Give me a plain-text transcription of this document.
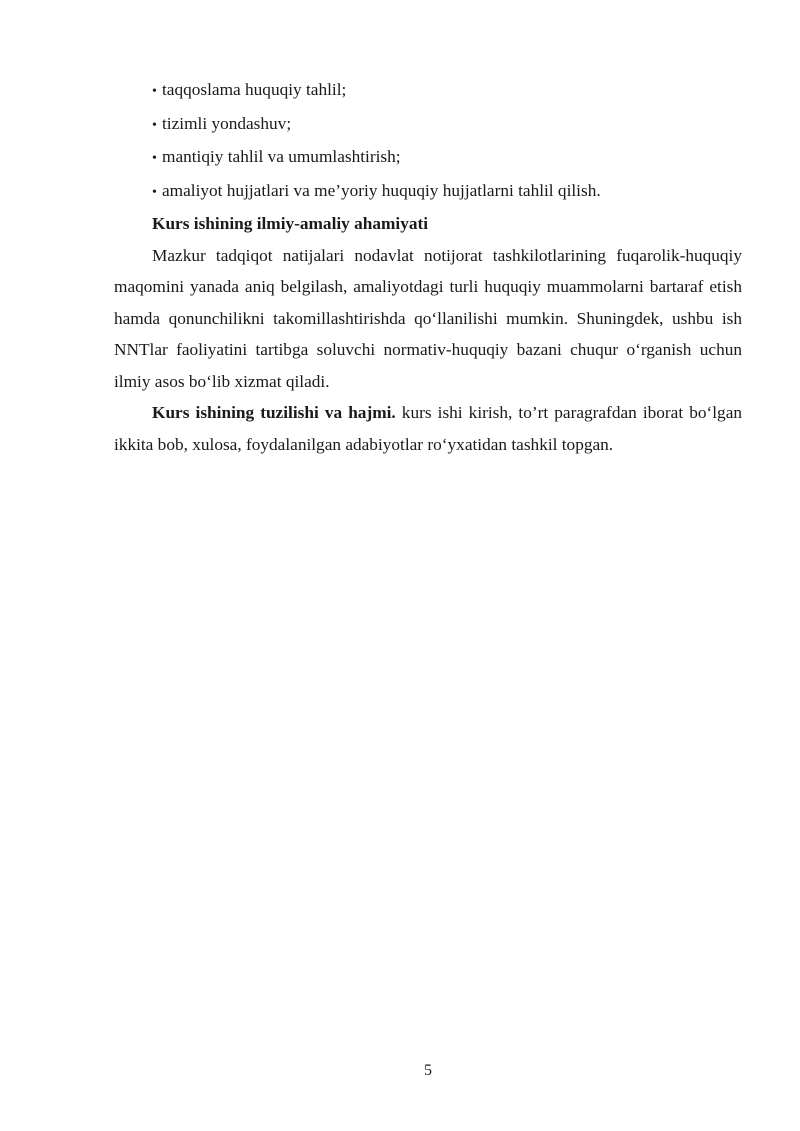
• taqqoslama huquqiy tahlil;
• tizimli yondashuv;
• mantiqiy tahlil va umumlashtirish;
• amaliyot hujjatlari va me’yoriy huquqiy hujjatlarni tahlil qilish.

Kurs ishining ilmiy-amaliy ahamiyati

Mazkur tadqiqot natijalari nodavlat notijorat tashkilotlarining fuqarolik-huquqiy maqomini yanada aniq belgilash, amaliyotdagi turli huquqiy muammolarni bartaraf etish hamda qonunchilikni takomillashtirishda qo‘llanilishi mumkin. Shuningdek, ushbu ish NNTlar faoliyatini tartibga soluvchi normativ-huquqiy bazani chuqur o‘rganish uchun ilmiy asos bo‘lib xizmat qiladi.

Kurs ishining tuzilishi va hajmi. kurs ishi kirish, to’rt paragrafdan iborat bo‘lgan ikkita bob, xulosa, foydalanilgan adabiyotlar ro‘yxatidan tashkil topgan.

5
